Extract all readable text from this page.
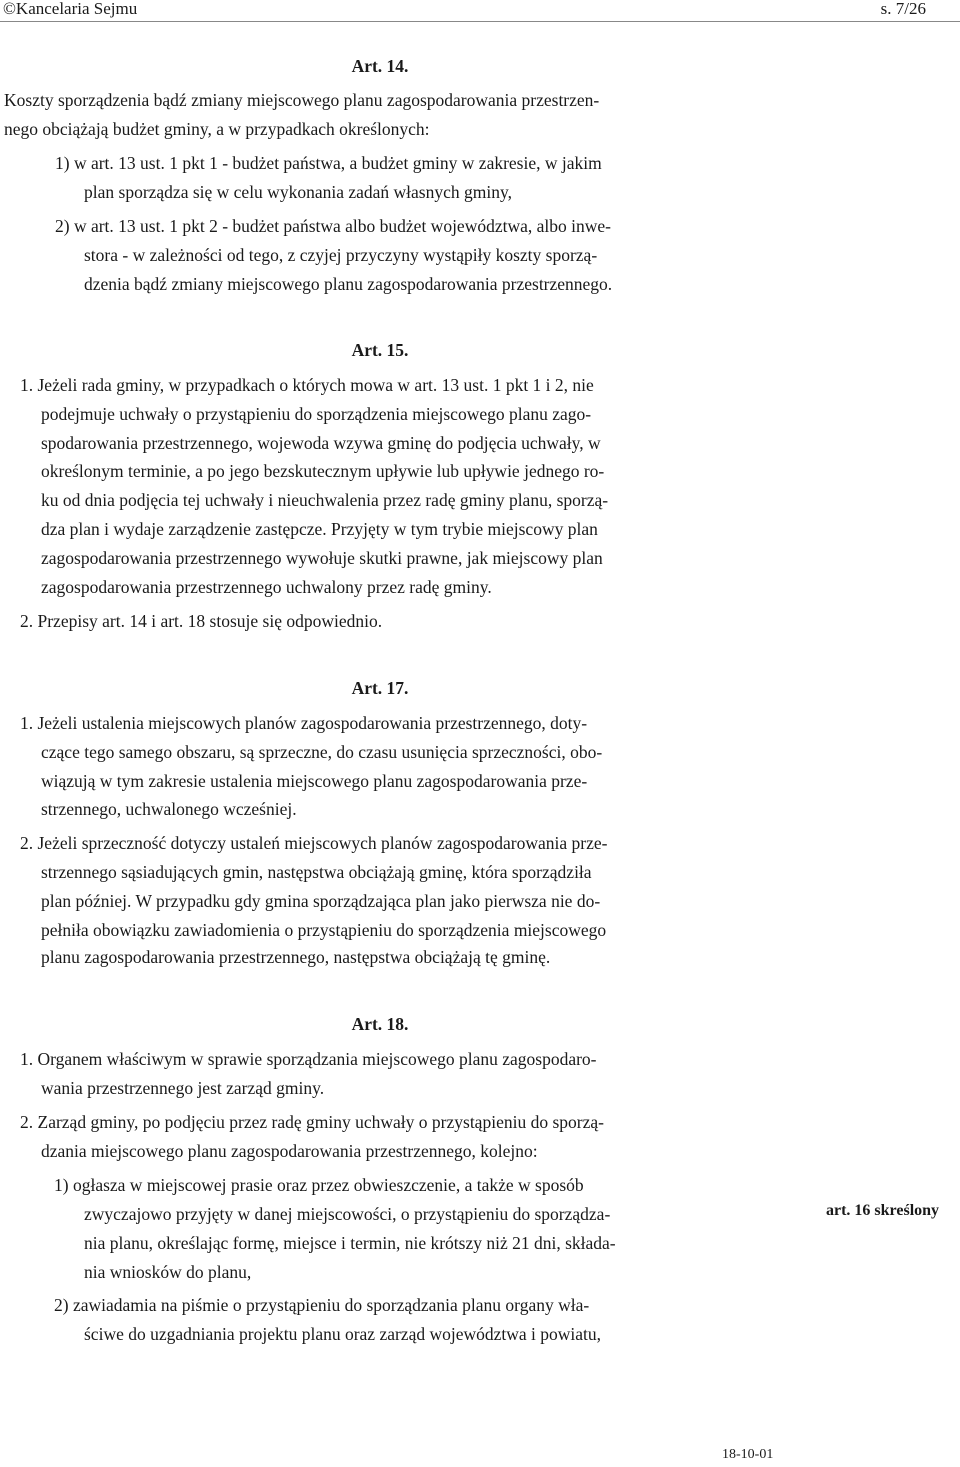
©Kancelaria Sejmu	s. 7/26
Art. 14.
Koszty sporządzenia bądź zmiany miejscowego planu zagospodarowania przestrzen-
nego obciążają budżet gminy, a w przypadkach określonych:
1) w art. 13 ust. 1 pkt 1 - budżet państwa, a budżet gminy w zakresie, w jakim
plan sporządza się w celu wykonania zadań własnych gminy,
2) w art. 13 ust. 1 pkt 2 - budżet państwa albo budżet województwa, albo inwe-
stora - w zależności od tego, z czyjej przyczyny wystąpiły koszty sporzą-
dzenia bądź zmiany miejscowego planu zagospodarowania przestrzennego.
Art. 15.
1. Jeżeli rada gminy, w przypadkach o których mowa w art. 13 ust. 1 pkt 1 i 2, nie
podejmuje uchwały o przystąpieniu do sporządzenia miejscowego planu zago-
spodarowania przestrzennego, wojewoda wzywa gminę do podjęcia uchwały, w
określonym terminie, a po jego bezskutecznym upływie lub upływie jednego ro-
ku od dnia podjęcia tej uchwały i nieuchwalenia przez radę gminy planu, sporzą-
dza plan i wydaje zarządzenie zastępcze. Przyjęty w tym trybie miejscowy plan
zagospodarowania przestrzennego wywołuje skutki prawne, jak miejscowy plan
zagospodarowania przestrzennego uchwalony przez radę gminy.
2. Przepisy art. 14 i art. 18 stosuje się odpowiednio.
Art. 17.
1. Jeżeli ustalenia miejscowych planów zagospodarowania przestrzennego, doty-
czące tego samego obszaru, są sprzeczne, do czasu usunięcia sprzeczności, obo-
wiązują w tym zakresie ustalenia miejscowego planu zagospodarowania prze-
strzennego, uchwalonego wcześniej.
2. Jeżeli sprzeczność dotyczy ustaleń miejscowych planów zagospodarowania prze-
strzennego sąsiadujących gmin, następstwa obciążają gminę, która sporządziła
plan później. W przypadku gdy gmina sporządzająca plan jako pierwsza nie do-
pełniła obowiązku zawiadomienia o przystąpieniu do sporządzenia miejscowego
planu zagospodarowania przestrzennego, następstwa obciążają tę gminę.
Art. 18.
1. Organem właściwym w sprawie sporządzania miejscowego planu zagospodaro-
wania przestrzennego jest zarząd gminy.
2. Zarząd gminy, po podjęciu przez radę gminy uchwały o przystąpieniu do sporzą-
dzania miejscowego planu zagospodarowania przestrzennego, kolejno:
1) ogłasza w miejscowej prasie oraz przez obwieszczenie, a także w sposób
zwyczajowo przyjęty w danej miejscowości, o przystąpieniu do sporządza-
nia planu, określając formę, miejsce i termin, nie krótszy niż 21 dni, składa-
nia wniosków do planu,
2) zawiadamia na piśmie o przystąpieniu do sporządzania planu organy wła-
ściwe do uzgadniania projektu planu oraz zarząd województwa i powiatu,
art. 16 skreślony
18-10-01
